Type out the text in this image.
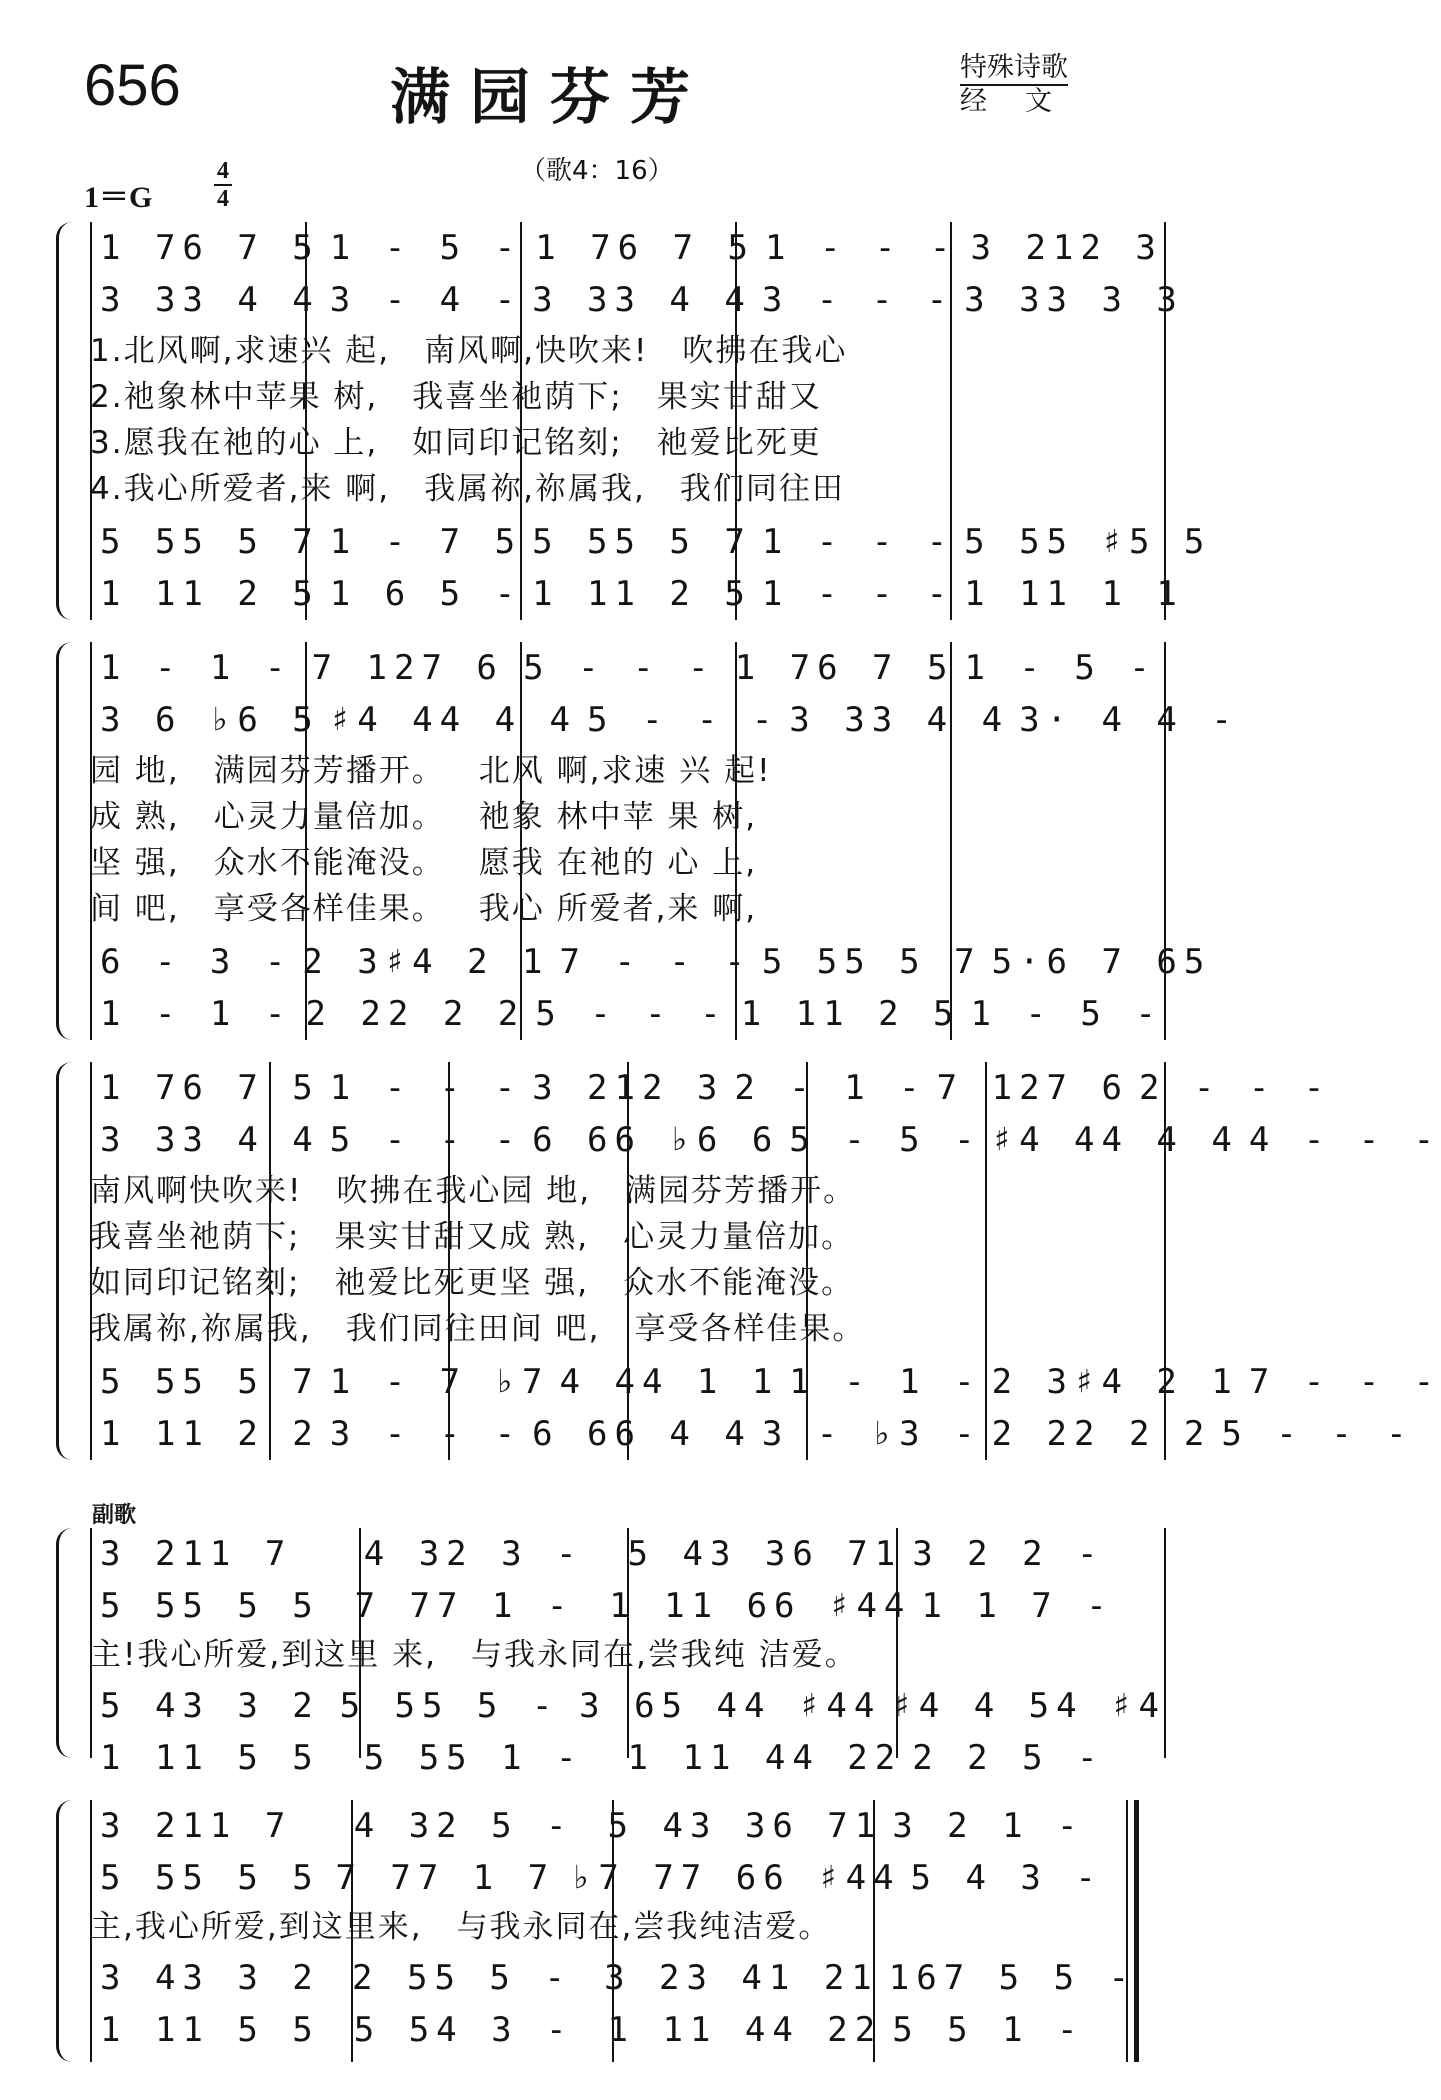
656	满园芬芳	特殊诗歌
经文
（歌4：16）
1＝G
4
4
副歌
1 76 7 5 1 - 5 - 1 76 7 5 1 - - - 3 212 3
3 33 4 4 3 - 4 - 3 33 4 4 3 - - - 3 33 3 3
1.北风啊,求速兴 起, 南风啊,快吹来! 吹拂在我心
2.祂象林中苹果 树, 我喜坐祂荫下; 果实甘甜又
3.愿我在祂的心 上, 如同印记铭刻; 祂爱比死更
4.我心所爱者,来 啊, 我属祢,祢属我, 我们同往田
5 55 5 7 1 - 7 5 5 55 5 7 1 - - - 5 55 ♯5 5
1 11 2 5 1 6 5 - 1 11 2 5 1 - - - 1 11 1 1
1 - 1 - 7 127 6 5 - - - 1 76 7 5 1 - 5 -
3 6 ♭6 5 ♯4 44 4 4 5 - - - 3 33 4 4 3· 4 4 -
园 地, 满园芬芳播开。 北风 啊,求速 兴 起!
成 熟, 心灵力量倍加。 祂象 林中苹 果 树,
坚 强, 众水不能淹没。 愿我 在祂的 心 上,
间 吧, 享受各样佳果。 我心 所爱者,来 啊,
6 - 3 - 2 3♯4 2 1 7 - - - 5 55 5 7 5·6 7 65
1 - 1 - 2 22 2 2 5 - - - 1 11 2 5 1 - 5 -
1 76 7 5 1 - - - 3 212 3 2 - 1 - 7 127 6 2 - - -
3 33 4 4 5 - - - 6 66 ♭6 6 5 - 5 - ♯4 44 4 4 4 - - -
南风啊快吹来! 吹拂在我心园 地, 满园芬芳播开。
我喜坐祂荫下; 果实甘甜又成 熟, 心灵力量倍加。
如同印记铭刻; 祂爱比死更坚 强, 众水不能淹没。
我属祢,祢属我, 我们同往田间 吧, 享受各样佳果。
5 55 5 7 1 - 7 ♭7 4 44 1 1 1 - 1 - 2 3♯4 2 1 7 - - -
1 11 2 2 3 - - - 6 66 4 4 3 - ♭3 - 2 22 2 2 5 - - -
3 211 7	4 32 3 -	5 43 36 71 3 2 2 -
5 55 5 5	7 77 1 -	1 11 66 ♯44 1 1 7 -
主!我心所爱,到这里 来, 与我永同在,尝我纯 洁爱。
5 43 3 2 5 55 5 - 3 65 44 ♯44 ♯4 4 54 ♯4
1 11 5 5	5 55 1 -	1 11 44 22 2 2 5 -
3 211 7	4 32 5 -	5 43 36 71 3 2 1 -
5 55 5 5 7 77 1 7 ♭7 77 66 ♯44 5 4 3 -
主,我心所爱,到这里来, 与我永同在,尝我纯洁爱。
3 43 3 2 2 55 5 - 3 23 41 21 167 5 5 -
1 11 5 5	5 54 3 -	1 11 44 22 5 5 1 -
